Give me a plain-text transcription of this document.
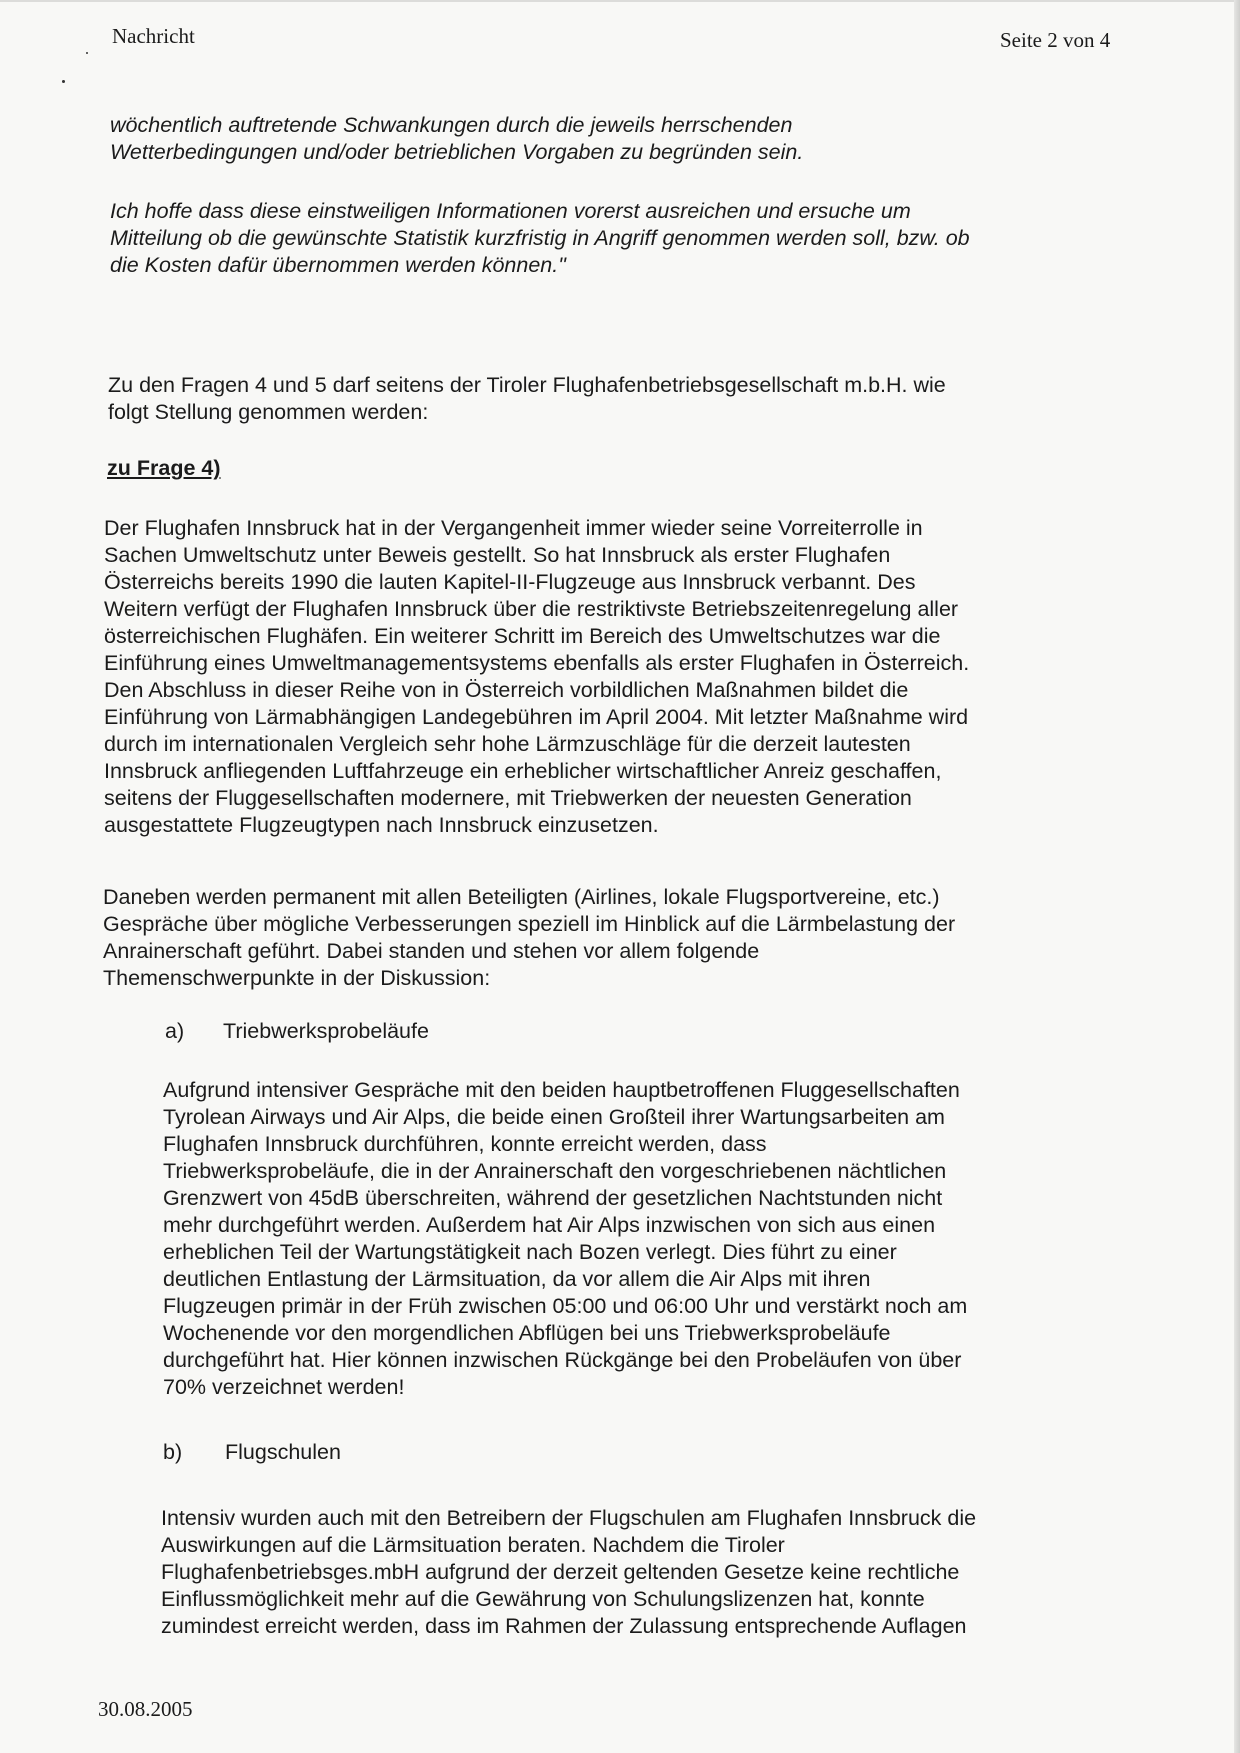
Nachricht	Seite 2 von 4

wöchentlich auftretende Schwankungen durch die jeweils herrschenden
Wetterbedingungen und/oder betrieblichen Vorgaben zu begründen sein.

Ich hoffe dass diese einstweiligen Informationen vorerst ausreichen und ersuche um
Mitteilung ob die gewünschte Statistik kurzfristig in Angriff genommen werden soll, bzw. ob
die Kosten dafür übernommen werden können."

Zu den Fragen 4 und 5 darf seitens der Tiroler Flughafenbetriebsgesellschaft m.b.H. wie
folgt Stellung genommen werden:

zu Frage 4)

Der Flughafen Innsbruck hat in der Vergangenheit immer wieder seine Vorreiterrolle in
Sachen Umweltschutz unter Beweis gestellt. So hat Innsbruck als erster Flughafen
Österreichs bereits 1990 die lauten Kapitel-II-Flugzeuge aus Innsbruck verbannt. Des
Weitern verfügt der Flughafen Innsbruck über die restriktivste Betriebszeitenregelung aller
österreichischen Flughäfen. Ein weiterer Schritt im Bereich des Umweltschutzes war die
Einführung eines Umweltmanagementsystems ebenfalls als erster Flughafen in Österreich.
Den Abschluss in dieser Reihe von in Österreich vorbildlichen Maßnahmen bildet die
Einführung von Lärmabhängigen Landegebühren im April 2004. Mit letzter Maßnahme wird
durch im internationalen Vergleich sehr hohe Lärmzuschläge für die derzeit lautesten
Innsbruck anfliegenden Luftfahrzeuge ein erheblicher wirtschaftlicher Anreiz geschaffen,
seitens der Fluggesellschaften modernere, mit Triebwerken der neuesten Generation
ausgestattete Flugzeugtypen nach Innsbruck einzusetzen.

Daneben werden permanent mit allen Beteiligten (Airlines, lokale Flugsportvereine, etc.)
Gespräche über mögliche Verbesserungen speziell im Hinblick auf die Lärmbelastung der
Anrainerschaft geführt. Dabei standen und stehen vor allem folgende
Themenschwerpunkte in der Diskussion:

a) Triebwerksprobeläufe

Aufgrund intensiver Gespräche mit den beiden hauptbetroffenen Fluggesellschaften
Tyrolean Airways und Air Alps, die beide einen Großteil ihrer Wartungsarbeiten am
Flughafen Innsbruck durchführen, konnte erreicht werden, dass
Triebwerksprobeläufe, die in der Anrainerschaft den vorgeschriebenen nächtlichen
Grenzwert von 45dB überschreiten, während der gesetzlichen Nachtstunden nicht
mehr durchgeführt werden. Außerdem hat Air Alps inzwischen von sich aus einen
erheblichen Teil der Wartungstätigkeit nach Bozen verlegt. Dies führt zu einer
deutlichen Entlastung der Lärmsituation, da vor allem die Air Alps mit ihren
Flugzeugen primär in der Früh zwischen 05:00 und 06:00 Uhr und verstärkt noch am
Wochenende vor den morgendlichen Abflügen bei uns Triebwerksprobeläufe
durchgeführt hat. Hier können inzwischen Rückgänge bei den Probeläufen von über
70% verzeichnet werden!

b) Flugschulen

Intensiv wurden auch mit den Betreibern der Flugschulen am Flughafen Innsbruck die
Auswirkungen auf die Lärmsituation beraten. Nachdem die Tiroler
Flughafenbetriebsges.mbH aufgrund der derzeit geltenden Gesetze keine rechtliche
Einflussmöglichkeit mehr auf die Gewährung von Schulungslizenzen hat, konnte
zumindest erreicht werden, dass im Rahmen der Zulassung entsprechende Auflagen

30.08.2005
